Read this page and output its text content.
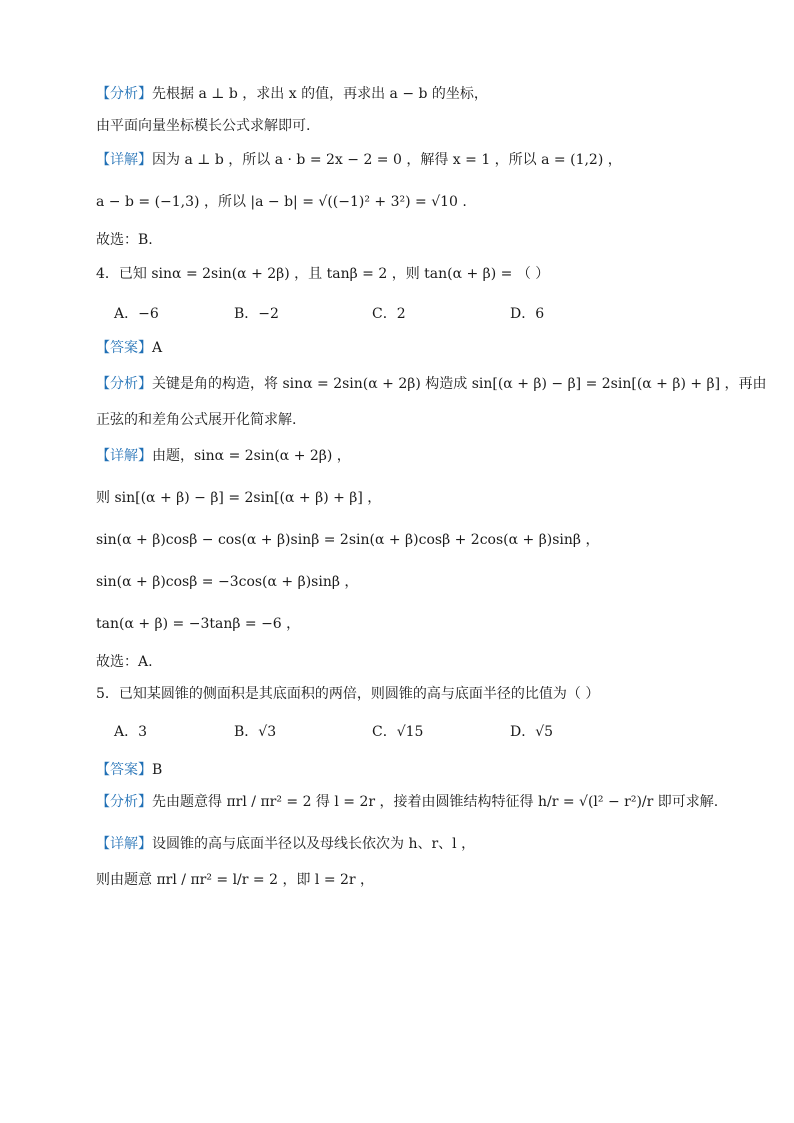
【分析】先根据 a ⊥ b ，求出 x 的值，再求出 a − b 的坐标，
由平面向量坐标模长公式求解即可.
【详解】因为 a ⊥ b ，所以 a · b = 2x − 2 = 0 ，解得 x = 1 ，所以 a = (1,2) ，
a − b = (−1,3) ，所以 |a − b| = √((−1)² + 3²) = √10 .
故选：B.
4．已知 sinα = 2sin(α + 2β) ，且 tanβ = 2 ，则 tan(α + β) = （ ）
A．−6	B．−2	C．2	D．6
【答案】A
【分析】关键是角的构造，将 sinα = 2sin(α + 2β) 构造成 sin[(α + β) − β] = 2sin[(α + β) + β] ，再由
正弦的和差角公式展开化简求解.
【详解】由题，sinα = 2sin(α + 2β) ，
则 sin[(α + β) − β] = 2sin[(α + β) + β] ，
sin(α + β)cosβ − cos(α + β)sinβ = 2sin(α + β)cosβ + 2cos(α + β)sinβ ，
sin(α + β)cosβ = −3cos(α + β)sinβ ，
tan(α + β) = −3tanβ = −6 ，
故选：A.
5．已知某圆锥的侧面积是其底面积的两倍，则圆锥的高与底面半径的比值为（ ）
A．3	B．√3	C．√15	D．√5
【答案】B
【分析】先由题意得 πrl / πr² = 2 得 l = 2r ，接着由圆锥结构特征得 h/r = √(l² − r²)/r 即可求解.
【详解】设圆锥的高与底面半径以及母线长依次为 h、r、l ，
则由题意 πrl / πr² = l/r = 2 ，即 l = 2r ，
